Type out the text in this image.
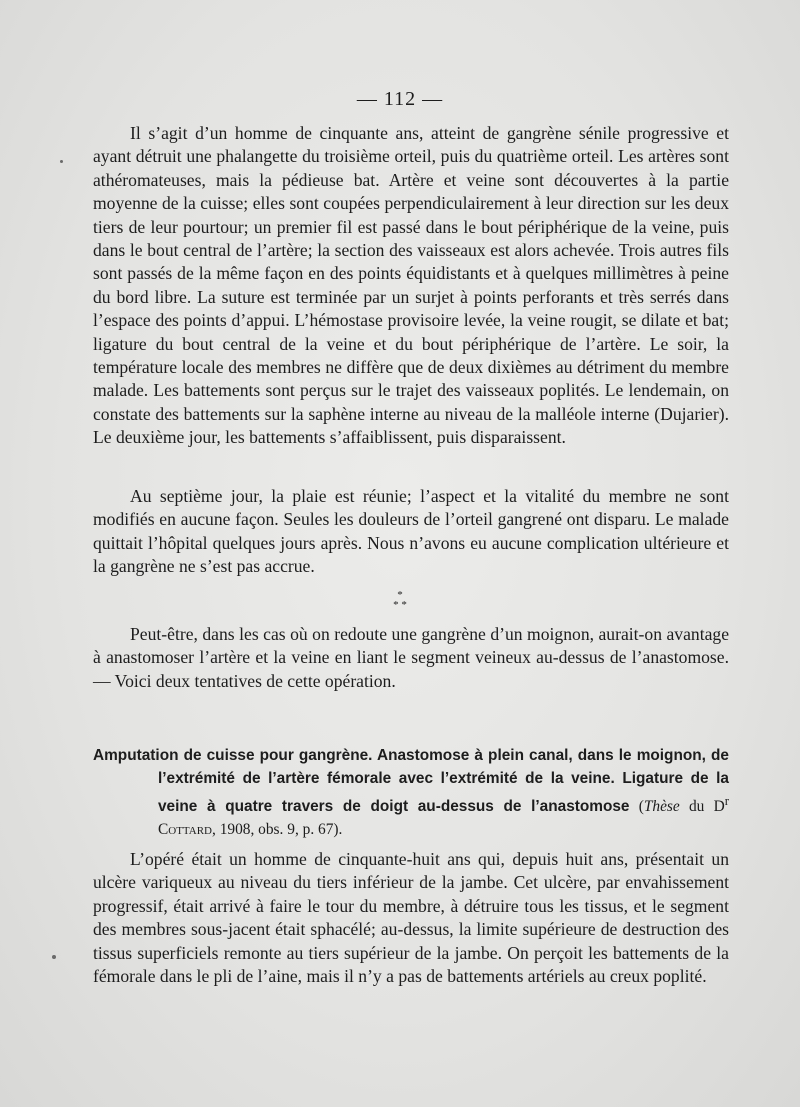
— 112 —

Il s’agit d’un homme de cinquante ans, atteint de gangrène sénile progressive et ayant détruit une phalangette du troisième orteil, puis du quatrième orteil. Les artères sont athéromateuses, mais la pédieuse bat. Artère et veine sont découvertes à la partie moyenne de la cuisse; elles sont coupées perpendiculairement à leur direction sur les deux tiers de leur pourtour; un premier fil est passé dans le bout périphérique de la veine, puis dans le bout central de l’artère; la section des vaisseaux est alors achevée. Trois autres fils sont passés de la même façon en des points équidistants et à quelques millimètres à peine du bord libre. La suture est terminée par un surjet à points perforants et très serrés dans l’espace des points d’appui. L’hémostase provisoire levée, la veine rougit, se dilate et bat; ligature du bout central de la veine et du bout périphérique de l’artère. Le soir, la température locale des membres ne diffère que de deux dixièmes au détriment du membre malade. Les battements sont perçus sur le trajet des vaisseaux poplités. Le lendemain, on constate des battements sur la saphène interne au niveau de la malléole interne (Dujarier). Le deuxième jour, les battements s’affaiblissent, puis disparaissent.

Au septième jour, la plaie est réunie; l’aspect et la vitalité du membre ne sont modifiés en aucune façon. Seules les douleurs de l’orteil gangrené ont disparu. Le malade quittait l’hôpital quelques jours après. Nous n’avons eu aucune complication ultérieure et la gangrène ne s’est pas accrue.

*
* *

Peut-être, dans les cas où on redoute une gangrène d’un moignon, aurait-on avantage à anastomoser l’artère et la veine en liant le segment veineux au-dessus de l’anastomose. — Voici deux tentatives de cette opération.

Amputation de cuisse pour gangrène. Anastomose à plein canal, dans le moignon, de l’extrémité de l’artère fémorale avec l’extrémité de la veine. Ligature de la veine à quatre travers de doigt au-dessus de l’anastomose (Thèse du $D^r$ Cottard, 1908, obs. 9, p. 67).

L’opéré était un homme de cinquante-huit ans qui, depuis huit ans, présentait un ulcère variqueux au niveau du tiers inférieur de la jambe. Cet ulcère, par envahissement progressif, était arrivé à faire le tour du membre, à détruire tous les tissus, et le segment des membres sous-jacent était sphacélé; au-dessus, la limite supérieure de destruction des tissus superficiels remonte au tiers supérieur de la jambe. On perçoit les battements de la fémorale dans le pli de l’aine, mais il n’y a pas de battements artériels au creux poplité.
